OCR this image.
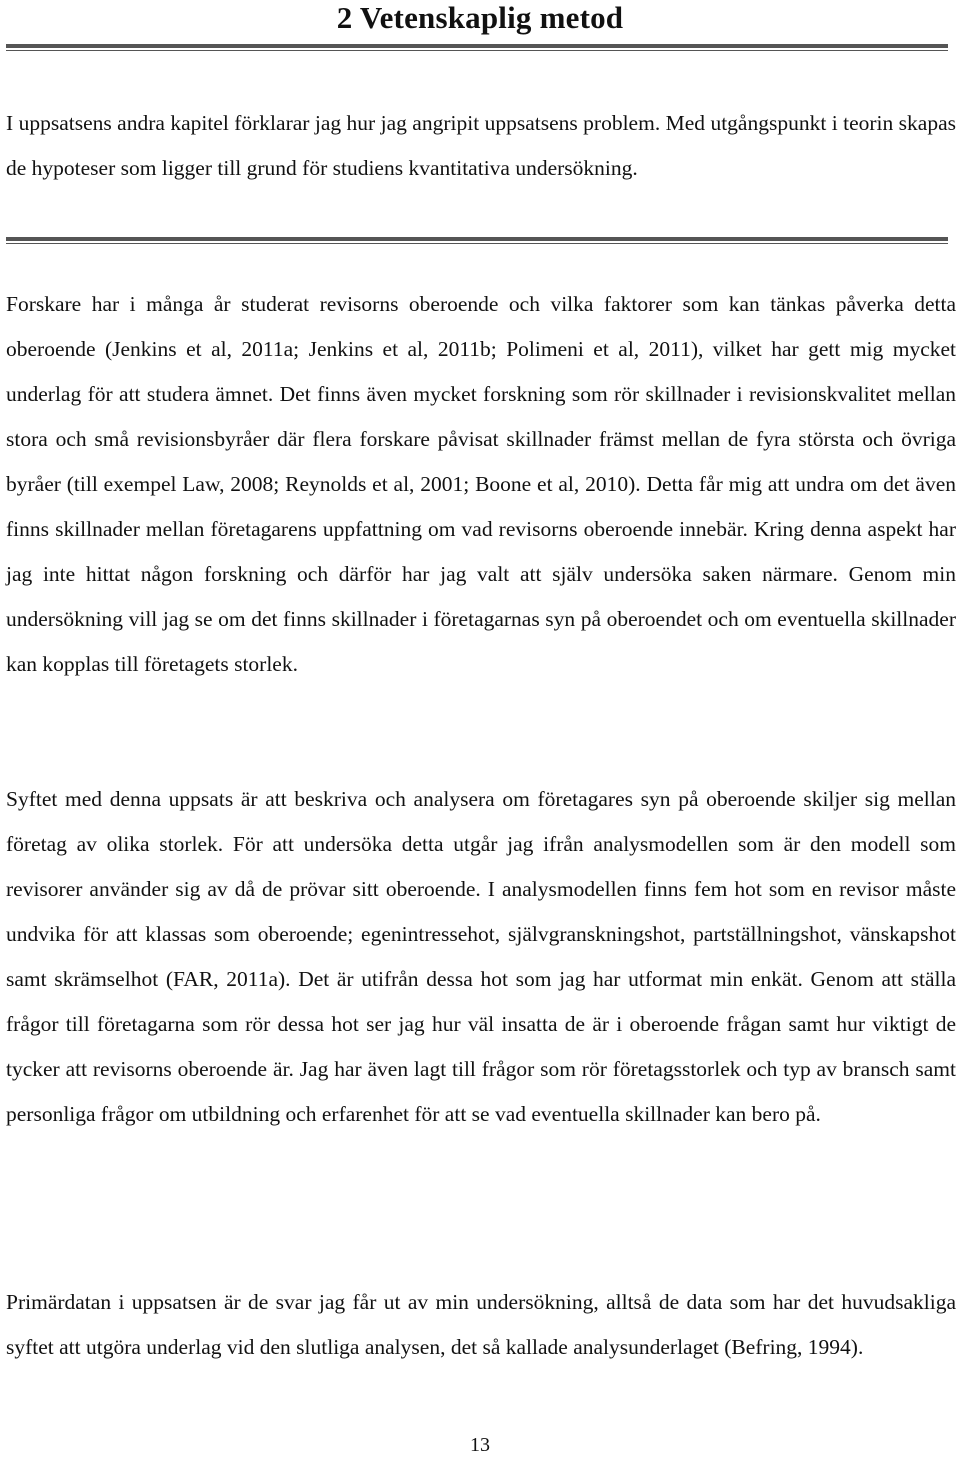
2 Vetenskaplig metod

I uppsatsens andra kapitel förklarar jag hur jag angripit uppsatsens problem. Med utgångspunkt i teorin skapas de hypoteser som ligger till grund för studiens kvantitativa undersökning.

Forskare har i många år studerat revisorns oberoende och vilka faktorer som kan tänkas påverka detta oberoende (Jenkins et al, 2011a; Jenkins et al, 2011b; Polimeni et al, 2011), vilket har gett mig mycket underlag för att studera ämnet. Det finns även mycket forskning som rör skillnader i revisionskvalitet mellan stora och små revisionsbyråer där flera forskare påvisat skillnader främst mellan de fyra största och övriga byråer (till exempel Law, 2008; Reynolds et al, 2001; Boone et al, 2010). Detta får mig att undra om det även finns skillnader mellan företagarens uppfattning om vad revisorns oberoende innebär. Kring denna aspekt har jag inte hittat någon forskning och därför har jag valt att själv undersöka saken närmare. Genom min undersökning vill jag se om det finns skillnader i företagarnas syn på oberoendet och om eventuella skillnader kan kopplas till företagets storlek.

Syftet med denna uppsats är att beskriva och analysera om företagares syn på oberoende skiljer sig mellan företag av olika storlek. För att undersöka detta utgår jag ifrån analysmodellen som är den modell som revisorer använder sig av då de prövar sitt oberoende. I analysmodellen finns fem hot som en revisor måste undvika för att klassas som oberoende; egenintressehot, självgranskningshot, partställningshot, vänskapshot samt skrämselhot (FAR, 2011a). Det är utifrån dessa hot som jag har utformat min enkät. Genom att ställa frågor till företagarna som rör dessa hot ser jag hur väl insatta de är i oberoende frågan samt hur viktigt de tycker att revisorns oberoende är. Jag har även lagt till frågor som rör företagsstorlek och typ av bransch samt personliga frågor om utbildning och erfarenhet för att se vad eventuella skillnader kan bero på.

Primärdatan i uppsatsen är de svar jag får ut av min undersökning, alltså de data som har det huvudsakliga syftet att utgöra underlag vid den slutliga analysen, det så kallade analysunderlaget (Befring, 1994).

13
